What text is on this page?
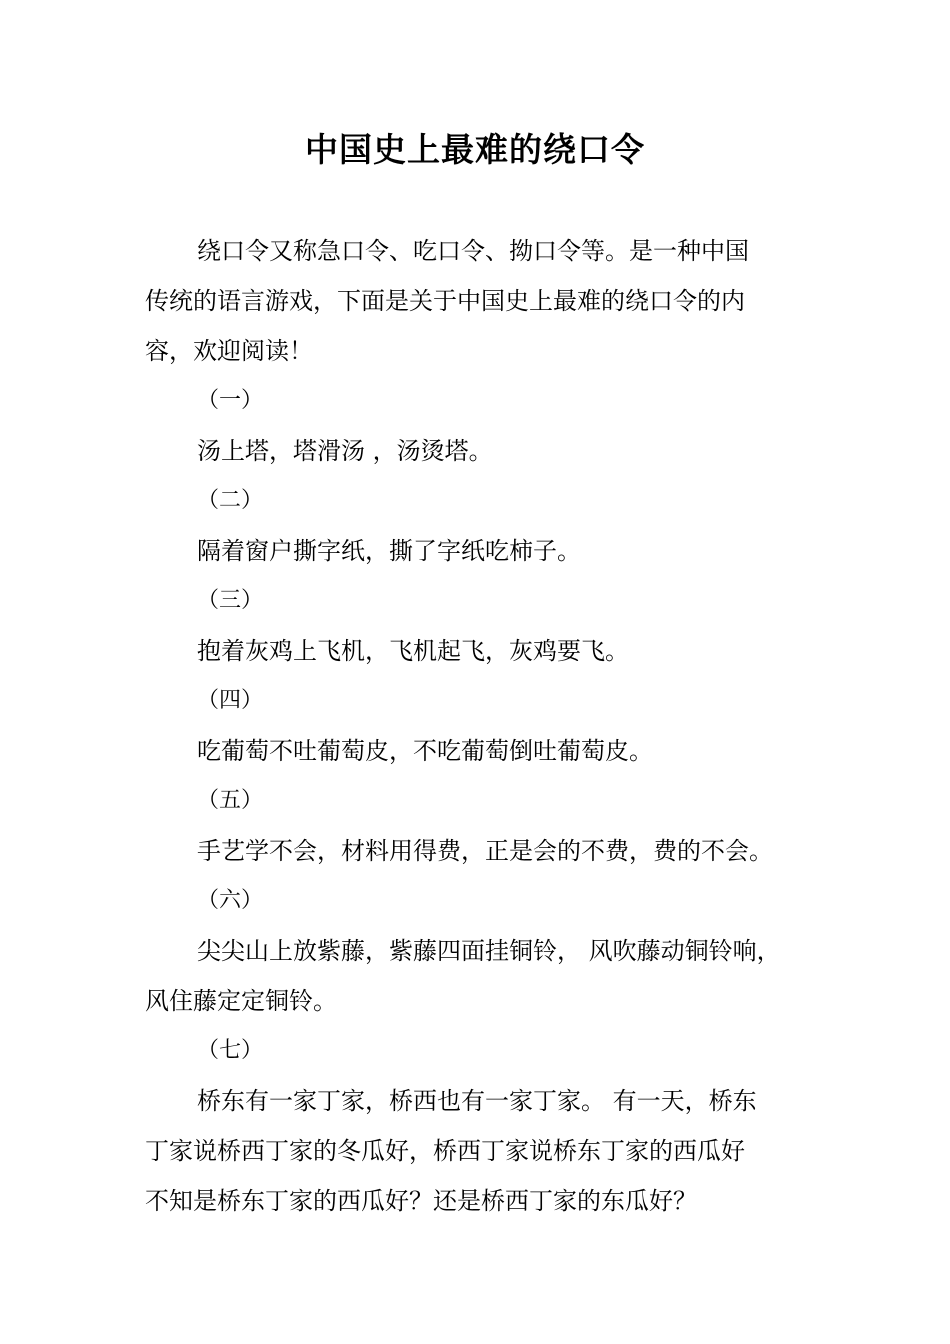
中国史上最难的绕口令

绕口令又称急口令、吃口令、拗口令等。是一种中国

传统的语言游戏，下面是关于中国史上最难的绕口令的内

容，欢迎阅读！

（一）

汤上塔，塔滑汤 ，汤烫塔。

（二）

隔着窗户撕字纸，撕了字纸吃柿子。

（三）

抱着灰鸡上飞机，飞机起飞，灰鸡要飞。

（四）

吃葡萄不吐葡萄皮，不吃葡萄倒吐葡萄皮。

（五）

手艺学不会，材料用得费，正是会的不费，费的不会。

（六）

尖尖山上放紫藤，紫藤四面挂铜铃， 风吹藤动铜铃响，

风住藤定定铜铃。

（七）

桥东有一家丁家，桥西也有一家丁家。 有一天，桥东

丁家说桥西丁家的冬瓜好，桥西丁家说桥东丁家的西瓜好

不知是桥东丁家的西瓜好？还是桥西丁家的东瓜好？
